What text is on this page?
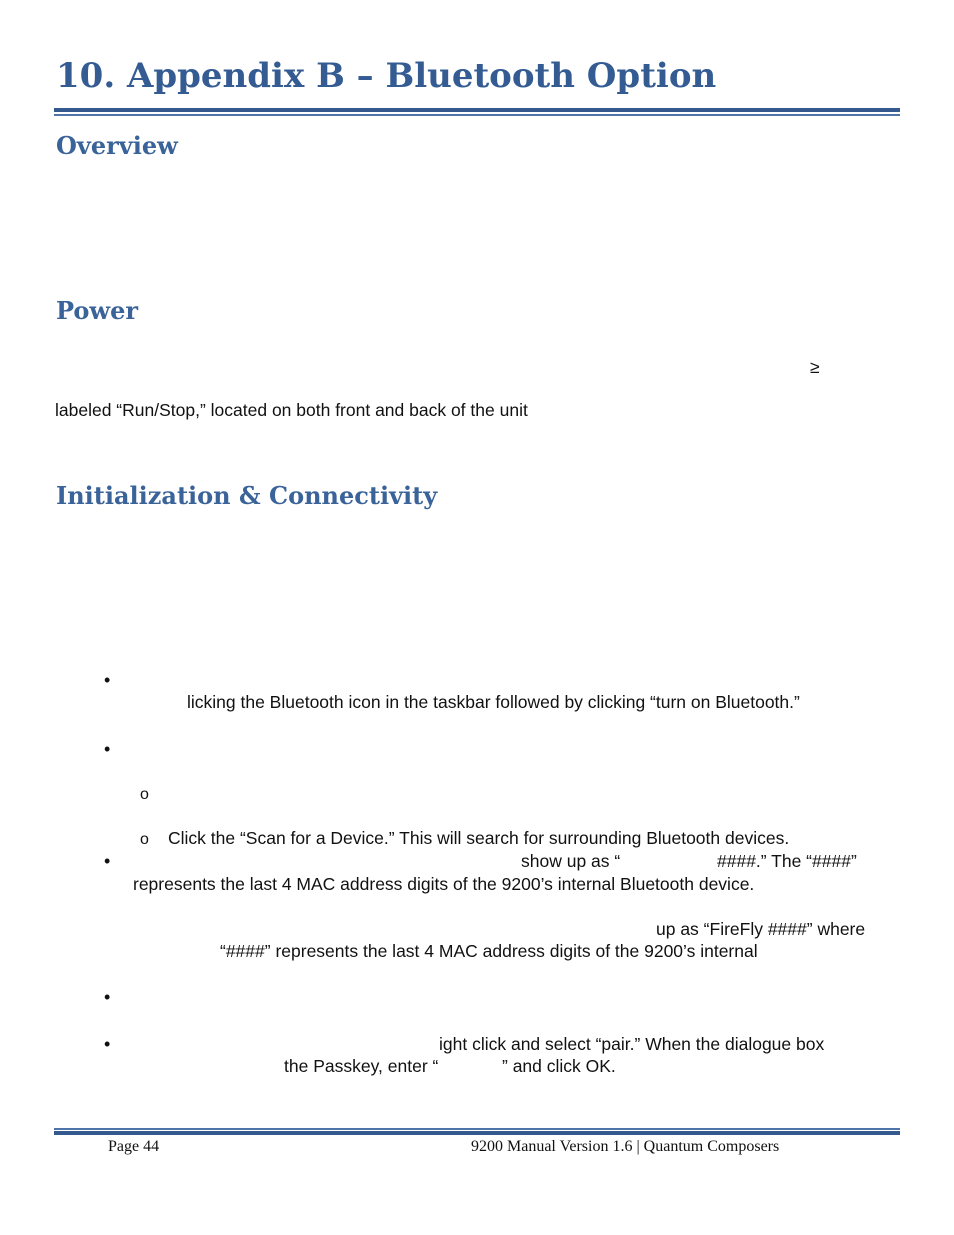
10. Appendix B – Bluetooth Option
Overview
Power
≥
labeled “Run/Stop,” located on both front and back of the unit
Initialization & Connectivity
•
licking the Bluetooth icon in the taskbar followed by clicking “turn on Bluetooth.”
•
o
o Click the “Scan for a Device.” This will search for surrounding Bluetooth devices.
•	show up as “	####.” The “####”
represents the last 4 MAC address digits of the 9200’s internal Bluetooth device.
up as “FireFly ####” where
“####” represents the last 4 MAC address digits of the 9200’s internal
•
•	ight click and select “pair.” When the dialogue box
the Passkey, enter “	” and click OK.
Page 44	9200 Manual Version 1.6 | Quantum Composers
